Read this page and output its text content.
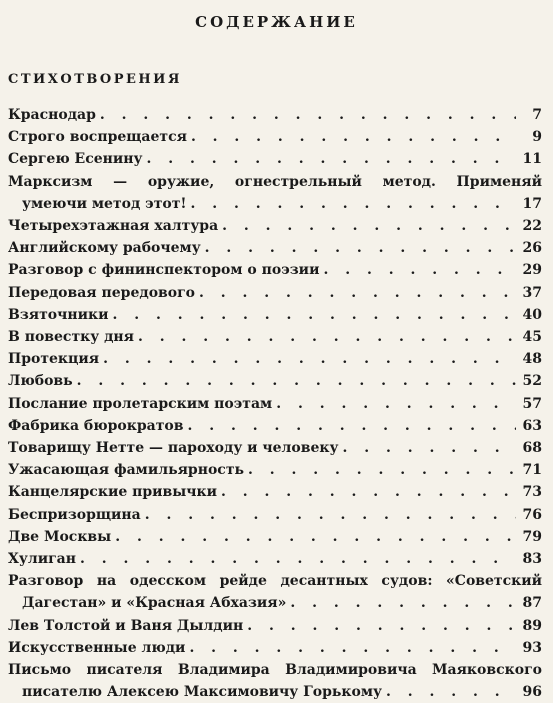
СОДЕРЖАНИЕ
СТИХОТВОРЕНИЯ
Краснодар . . .	7
Строго воспрещается . . .	9
Сергею Есенину . . .	11
Марксизм — оружие, огнестрельный метод. Применяй
умеючи метод этот! . . .	17
Четырехэтажная халтура . . .	22
Английскому рабочему . . .	26
Разговор с фининспектором о поэзии . . .	29
Передовая передового . . .	37
Взяточники . . .	40
В повестку дня . . .	45
Протекция . . .	48
Любовь . . .	52
Послание пролетарским поэтам . . .	57
Фабрика бюрократов . . .	63
Товарищу Нетте — пароходу и человеку . . .	68
Ужасающая фамильярность . . .	71
Канцелярские привычки . . .	73
Беспризорщина . . .	76
Две Москвы . . .	79
Хулиган . . .	83
Разговор на одесском рейде десантных судов: «Советский
Дагестан» и «Красная Абхазия» . . .	87
Лев Толстой и Ваня Дылдин . . .	89
Искусственные люди . . .	93
Письмо писателя Владимира Владимировича Маяковского
писателю Алексею Максимовичу Горькому . . .	96
